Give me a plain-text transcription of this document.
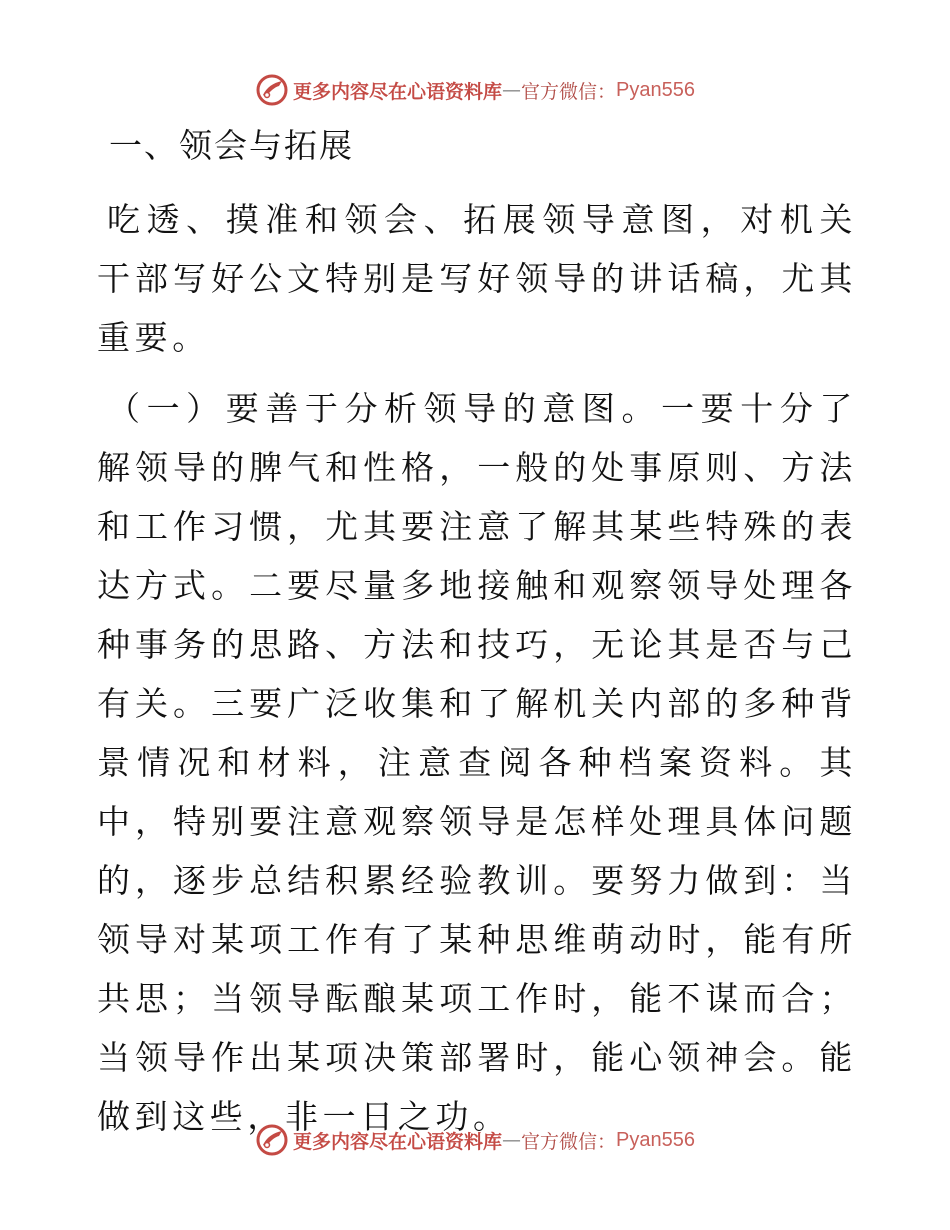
更多内容尽在心语资料库 — 官方微信： Pyan556
一、领会与拓展

吃透、摸准和领会、拓展领导意图，对机关干部写好公文特别是写好领导的讲话稿，尤其重要。

（一）要善于分析领导的意图。一要十分了解领导的脾气和性格，一般的处事原则、方法和工作习惯，尤其要注意了解其某些特殊的表达方式。二要尽量多地接触和观察领导处理各种事务的思路、方法和技巧，无论其是否与己有关。三要广泛收集和了解机关内部的多种背景情况和材料，注意查阅各种档案资料。其中，特别要注意观察领导是怎样处理具体问题的，逐步总结积累经验教训。要努力做到：当领导对某项工作有了某种思维萌动时，能有所共思；当领导酝酿某项工作时，能不谋而合；当领导作出某项决策部署时，能心领神会。能做到这些，非一日之功。

更多内容尽在心语资料库 — 官方微信： Pyan556
